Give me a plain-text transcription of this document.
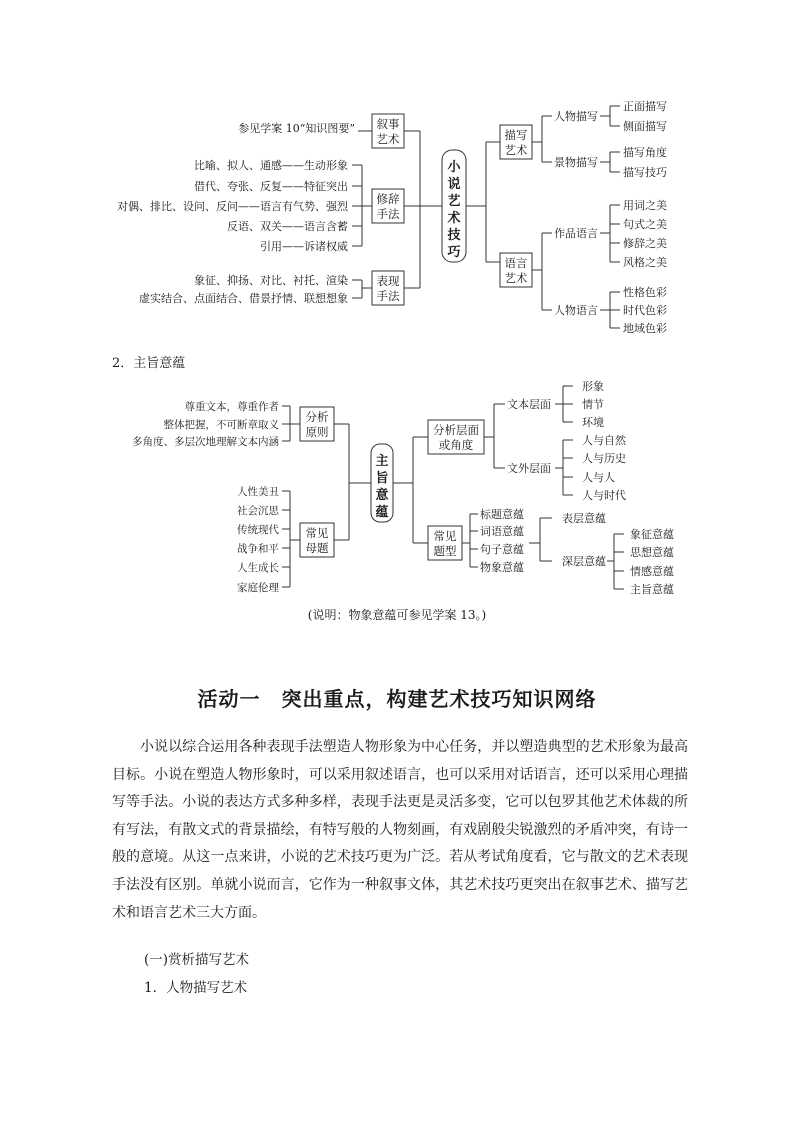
小
说
艺
术
技
巧
叙事
艺术
参见学案 10“知识图要”
修辞
手法
比喻、拟人、通感——生动形象
借代、夸张、反复——特征突出
对偶、排比、设问、反问——语言有气势、强烈
反语、双关——语言含蓄
引用——诉诸权威
表现
手法
象征、抑扬、对比、衬托、渲染
虚实结合、点面结合、借景抒情、联想想象
描写
艺术
人物描写
景物描写
正面描写
侧面描写
描写角度
描写技巧
语言
艺术
作品语言
人物语言
用词之美
句式之美
修辞之美
风格之美
性格色彩
时代色彩
地域色彩
2．主旨意蕴
主
旨
意
蕴
分析
原则
尊重文本，尊重作者
整体把握，不可断章取义
多角度、多层次地理解文本内涵
常见
母题
人性美丑
社会沉思
传统现代
战争和平
人生成长
家庭伦理
分析层面
或角度
文本层面
文外层面
形象
情节
环境
人与自然
人与历史
人与人
人与时代
常见
题型
标题意蕴
词语意蕴
句子意蕴
物象意蕴
表层意蕴
深层意蕴
象征意蕴
思想意蕴
情感意蕴
主旨意蕴
(说明：物象意蕴可参见学案 13。)
活动一　突出重点，构建艺术技巧知识网络

小说以综合运用各种表现手法塑造人物形象为中心任务，并以塑造典型的艺术形象为最高目标。小说在塑造人物形象时，可以采用叙述语言，也可以采用对话语言，还可以采用心理描写等手法。小说的表达方式多种多样，表现手法更是灵活多变，它可以包罗其他艺术体裁的所有写法，有散文式的背景描绘，有特写般的人物刻画，有戏剧般尖锐激烈的矛盾冲突，有诗一般的意境。从这一点来讲，小说的艺术技巧更为广泛。若从考试角度看，它与散文的艺术表现手法没有区别。单就小说而言，它作为一种叙事文体，其艺术技巧更突出在叙事艺术、描写艺术和语言艺术三大方面。

(一)赏析描写艺术
1．人物描写艺术
